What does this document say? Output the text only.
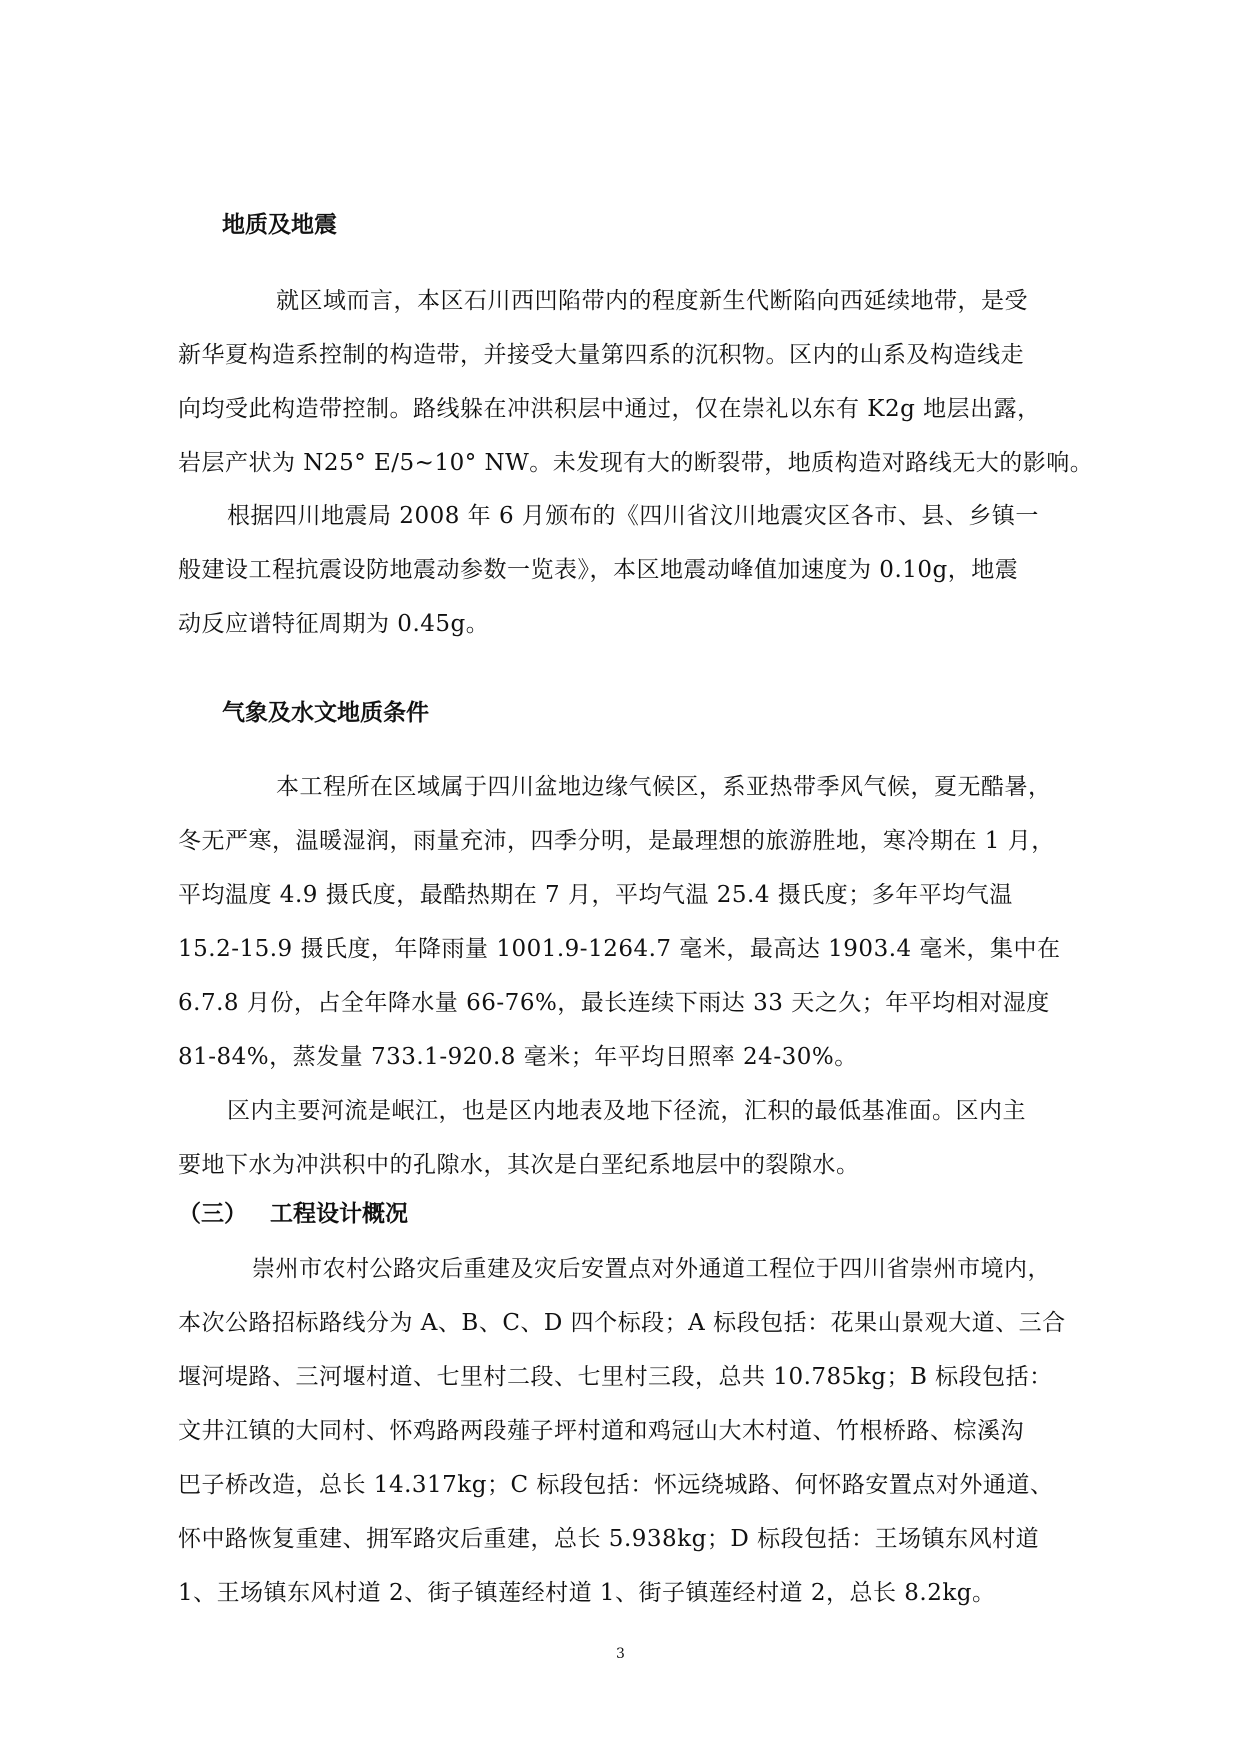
地质及地震
就区域而言，本区石川西凹陷带内的程度新生代断陷向西延续地带，是受
新华夏构造系控制的构造带，并接受大量第四系的沉积物。区内的山系及构造线走
向均受此构造带控制。路线躲在冲洪积层中通过，仅在崇礼以东有 K2g 地层出露，
岩层产状为 N25° E/5~10° NW。未发现有大的断裂带，地质构造对路线无大的影响。
根据四川地震局 2008 年 6 月颁布的《四川省汶川地震灾区各市、县、乡镇一
般建设工程抗震设防地震动参数一览表》，本区地震动峰值加速度为 0.10g，地震
动反应谱特征周期为 0.45g。
气象及水文地质条件
本工程所在区域属于四川盆地边缘气候区，系亚热带季风气候，夏无酷暑，
冬无严寒，温暖湿润，雨量充沛，四季分明，是最理想的旅游胜地，寒冷期在 1 月，
平均温度 4.9 摄氏度，最酷热期在 7 月，平均气温 25.4 摄氏度；多年平均气温
15.2-15.9 摄氏度，年降雨量 1001.9-1264.7 毫米，最高达 1903.4 毫米，集中在
6.7.8 月份，占全年降水量 66-76%，最长连续下雨达 33 天之久；年平均相对湿度
81-84%，蒸发量 733.1-920.8 毫米；年平均日照率 24-30%。
区内主要河流是岷江，也是区内地表及地下径流，汇积的最低基准面。区内主
要地下水为冲洪积中的孔隙水，其次是白垩纪系地层中的裂隙水。
（三） 工程设计概况
崇州市农村公路灾后重建及灾后安置点对外通道工程位于四川省崇州市境内，
本次公路招标路线分为 A、B、C、D 四个标段；A 标段包括：花果山景观大道、三合
堰河堤路、三河堰村道、七里村二段、七里村三段，总共 10.785kg；B 标段包括：
文井江镇的大同村、怀鸡路两段薤子坪村道和鸡冠山大木村道、竹根桥路、棕溪沟
巴子桥改造，总长 14.317kg；C 标段包括：怀远绕城路、何怀路安置点对外通道、
怀中路恢复重建、拥军路灾后重建，总长 5.938kg；D 标段包括：王场镇东风村道
1、王场镇东风村道 2、街子镇莲经村道 1、街子镇莲经村道 2，总长 8.2kg。
3
